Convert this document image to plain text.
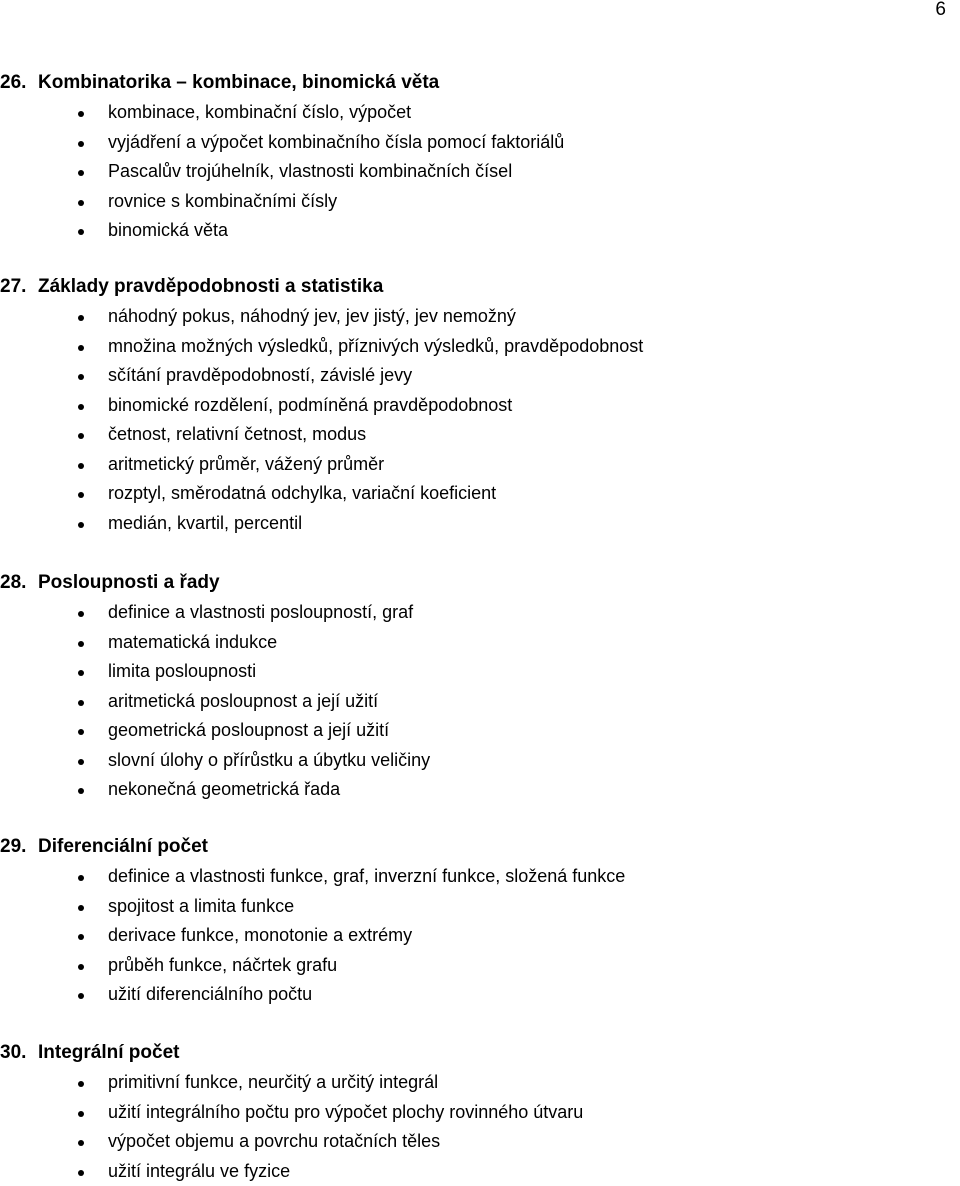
6
26. Kombinatorika – kombinace, binomická věta
kombinace, kombinační číslo, výpočet
vyjádření a výpočet kombinačního čísla pomocí faktoriálů
Pascalův trojúhelník, vlastnosti kombinačních čísel
rovnice s kombinačními čísly
binomická věta
27. Základy pravděpodobnosti a statistika
náhodný pokus, náhodný jev, jev jistý, jev nemožný
množina možných výsledků, příznivých výsledků, pravděpodobnost
sčítání pravděpodobností, závislé jevy
binomické rozdělení, podmíněná pravděpodobnost
četnost, relativní četnost, modus
aritmetický průměr, vážený průměr
rozptyl, směrodatná odchylka, variační koeficient
medián, kvartil, percentil
28. Posloupnosti a řady
definice a vlastnosti posloupností, graf
matematická indukce
limita posloupnosti
aritmetická posloupnost a její užití
geometrická posloupnost a její užití
slovní úlohy o přírůstku a úbytku veličiny
nekonečná geometrická řada
29. Diferenciální počet
definice a vlastnosti funkce, graf, inverzní funkce, složená funkce
spojitost a limita funkce
derivace funkce, monotonie a extrémy
průběh funkce, náčrtek grafu
užití diferenciálního počtu
30. Integrální počet
primitivní funkce, neurčitý a určitý integrál
užití integrálního počtu pro výpočet plochy rovinného útvaru
výpočet objemu a povrchu rotačních těles
užití integrálu ve fyzice
